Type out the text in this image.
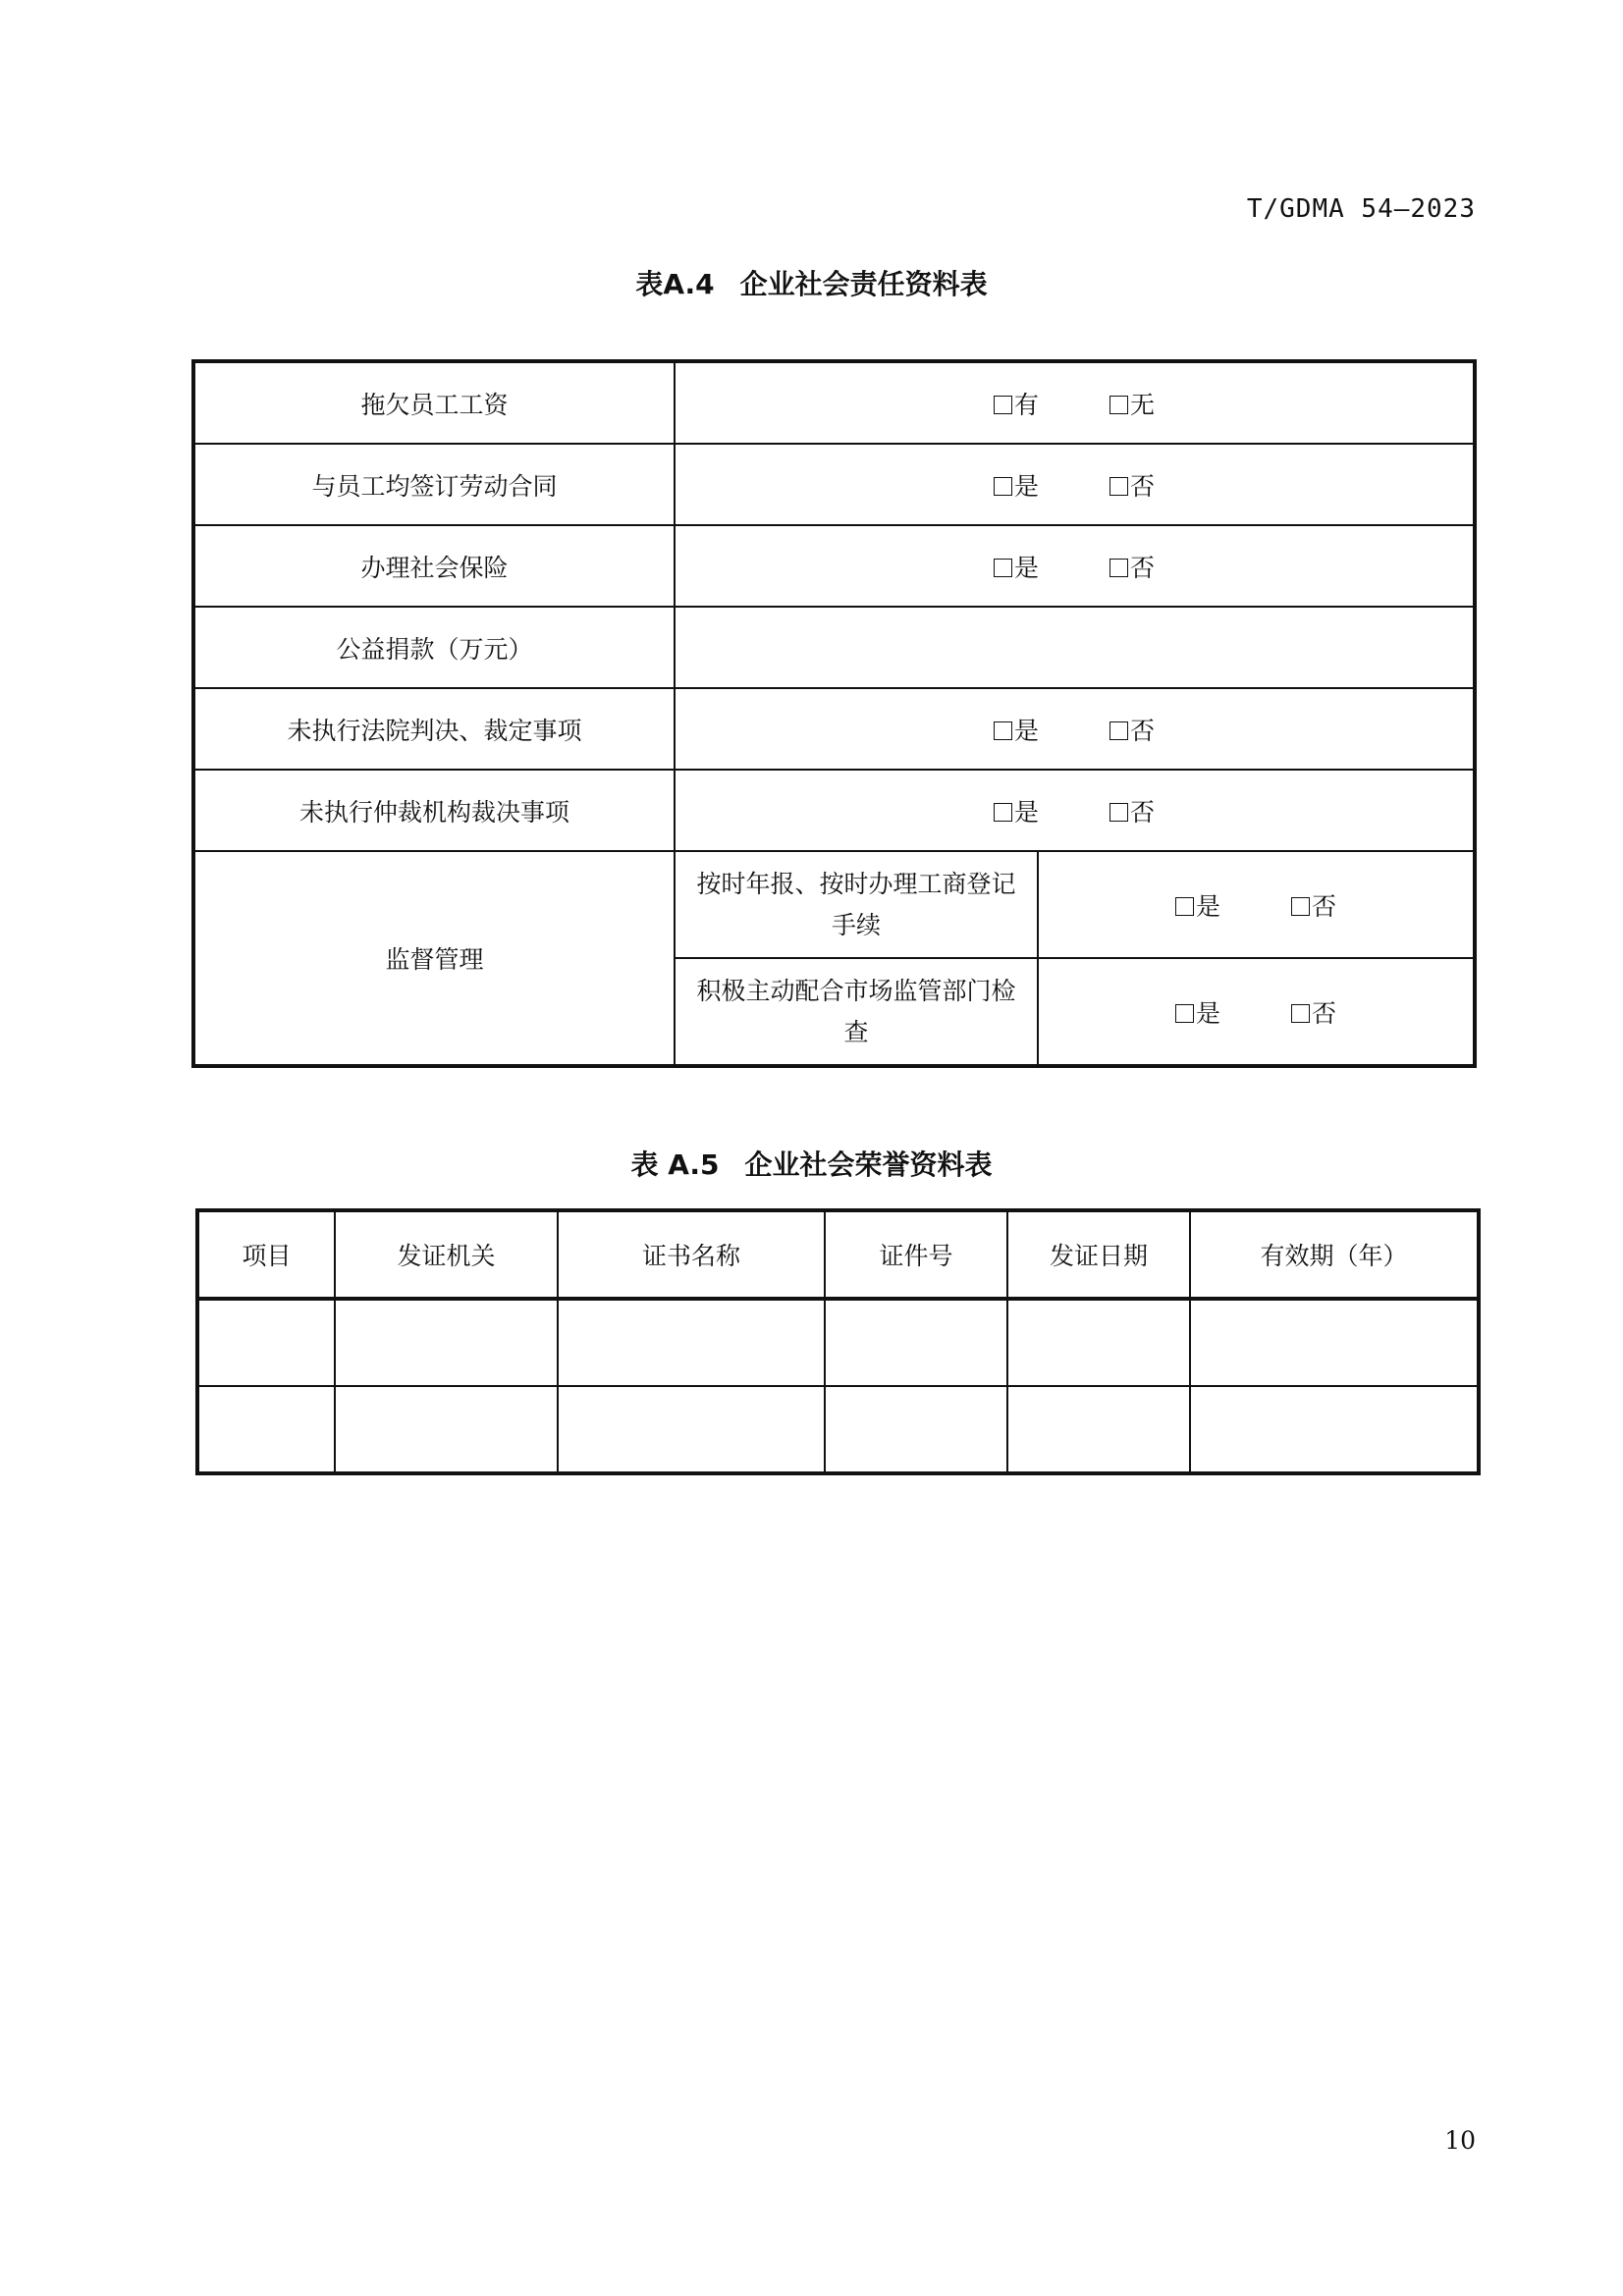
T/GDMA 54—2023
表A.4 企业社会责任资料表
拖欠员工工资	有 无	
与员工均签订劳动合同	是 否	
办理社会保险	是 否	
公益捐款（万元）		
未执行法院判决、裁定事项	是 否	
未执行仲裁机构裁决事项	是 否	
监督管理	按时年报、按时办理工商登记手续	是 否
	积极主动配合市场监管部门检查	是 否
表 A.5 企业社会荣誉资料表
项目	发证机关	证书名称	证件号	发证日期	有效期（年）

10
